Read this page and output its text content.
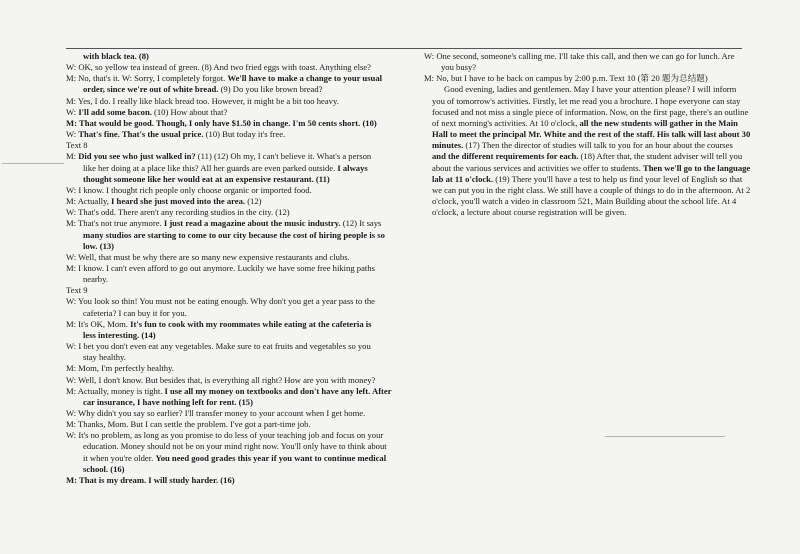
with black tea. (8)
W: OK, so yellow tea instead of green. (8) And two fried eggs with toast. Anything else?
M: No, that's it. W: Sorry, I completely forgot. We'll have to make a change to your usual
order, since we're out of white bread. (9) Do you like brown bread?
M: Yes, I do. I really like black bread too. However, it might be a bit too heavy.
W: I'll add some bacon. (10) How about that?
M: That would be good. Though, I only have $1.50 in change. I'm 50 cents short. (10)
W: That's fine. That's the usual price. (10) But today it's free.
Text 8
M: Did you see who just walked in? (11) (12) Oh my, I can't believe it. What's a person
like her doing at a place like this? All her guards are even parked outside. I always
thought someone like her would eat at an expensive restaurant. (11)
W: I know. I thought rich people only choose organic or imported food.
M: Actually, I heard she just moved into the area. (12)
W: That's odd. There aren't any recording studios in the city. (12)
M: That's not true anymore. I just read a magazine about the music industry. (12) It says
many studios are starting to come to our city because the cost of hiring people is so
low. (13)
W: Well, that must be why there are so many new expensive restaurants and clubs.
M: I know. I can't even afford to go out anymore. Luckily we have some free hiking paths
nearby.
Text 9
W: You look so thin! You must not be eating enough. Why don't you get a year pass to the
cafeteria? I can buy it for you.
M: It's OK, Mom. It's fun to cook with my roommates while eating at the cafeteria is
less interesting. (14)
W: I bet you don't even eat any vegetables. Make sure to eat fruits and vegetables so you
stay healthy.
M: Mom, I'm perfectly healthy.
W: Well, I don't know. But besides that, is everything all right? How are you with money?
M: Actually, money is tight. I use all my money on textbooks and don't have any left. After
car insurance, I have nothing left for rent. (15)
W: Why didn't you say so earlier? I'll transfer money to your account when I get home.
M: Thanks, Mom. But I can settle the problem. I've got a part-time job.
W: It's no problem, as long as you promise to do less of your teaching job and focus on your
education. Money should not be on your mind right now. You'll only have to think about
it when you're older. You need good grades this year if you want to continue medical
school. (16)
M: That is my dream. I will study harder. (16)
W: One second, someone's calling me. I'll take this call, and then we can go for lunch. Are
you busy?
M: No, but I have to be back on campus by 2:00 p.m. Text 10 (第 20 题为总结题)
Good evening, ladies and gentlemen. May I have your attention please? I will inform
you of tomorrow's activities. Firstly, let me read you a brochure. I hope everyone can stay
focused and not miss a single piece of information. Now, on the first page, there's an outline
of next morning's activities. At 10 o'clock, all the new students will gather in the Main
Hall to meet the principal Mr. White and the rest of the staff. His talk will last about 30
minutes. (17) Then the director of studies will talk to you for an hour about the courses
and the different requirements for each. (18) After that, the student adviser will tell you
about the various services and activities we offer to students. Then we'll go to the language
lab at 11 o'clock. (19) There you'll have a test to help us find your level of English so that
we can put you in the right class. We still have a couple of things to do in the afternoon. At 2
o'clock, you'll watch a video in classroom 521, Main Building about the school life. At 4
o'clock, a lecture about course registration will be given.
